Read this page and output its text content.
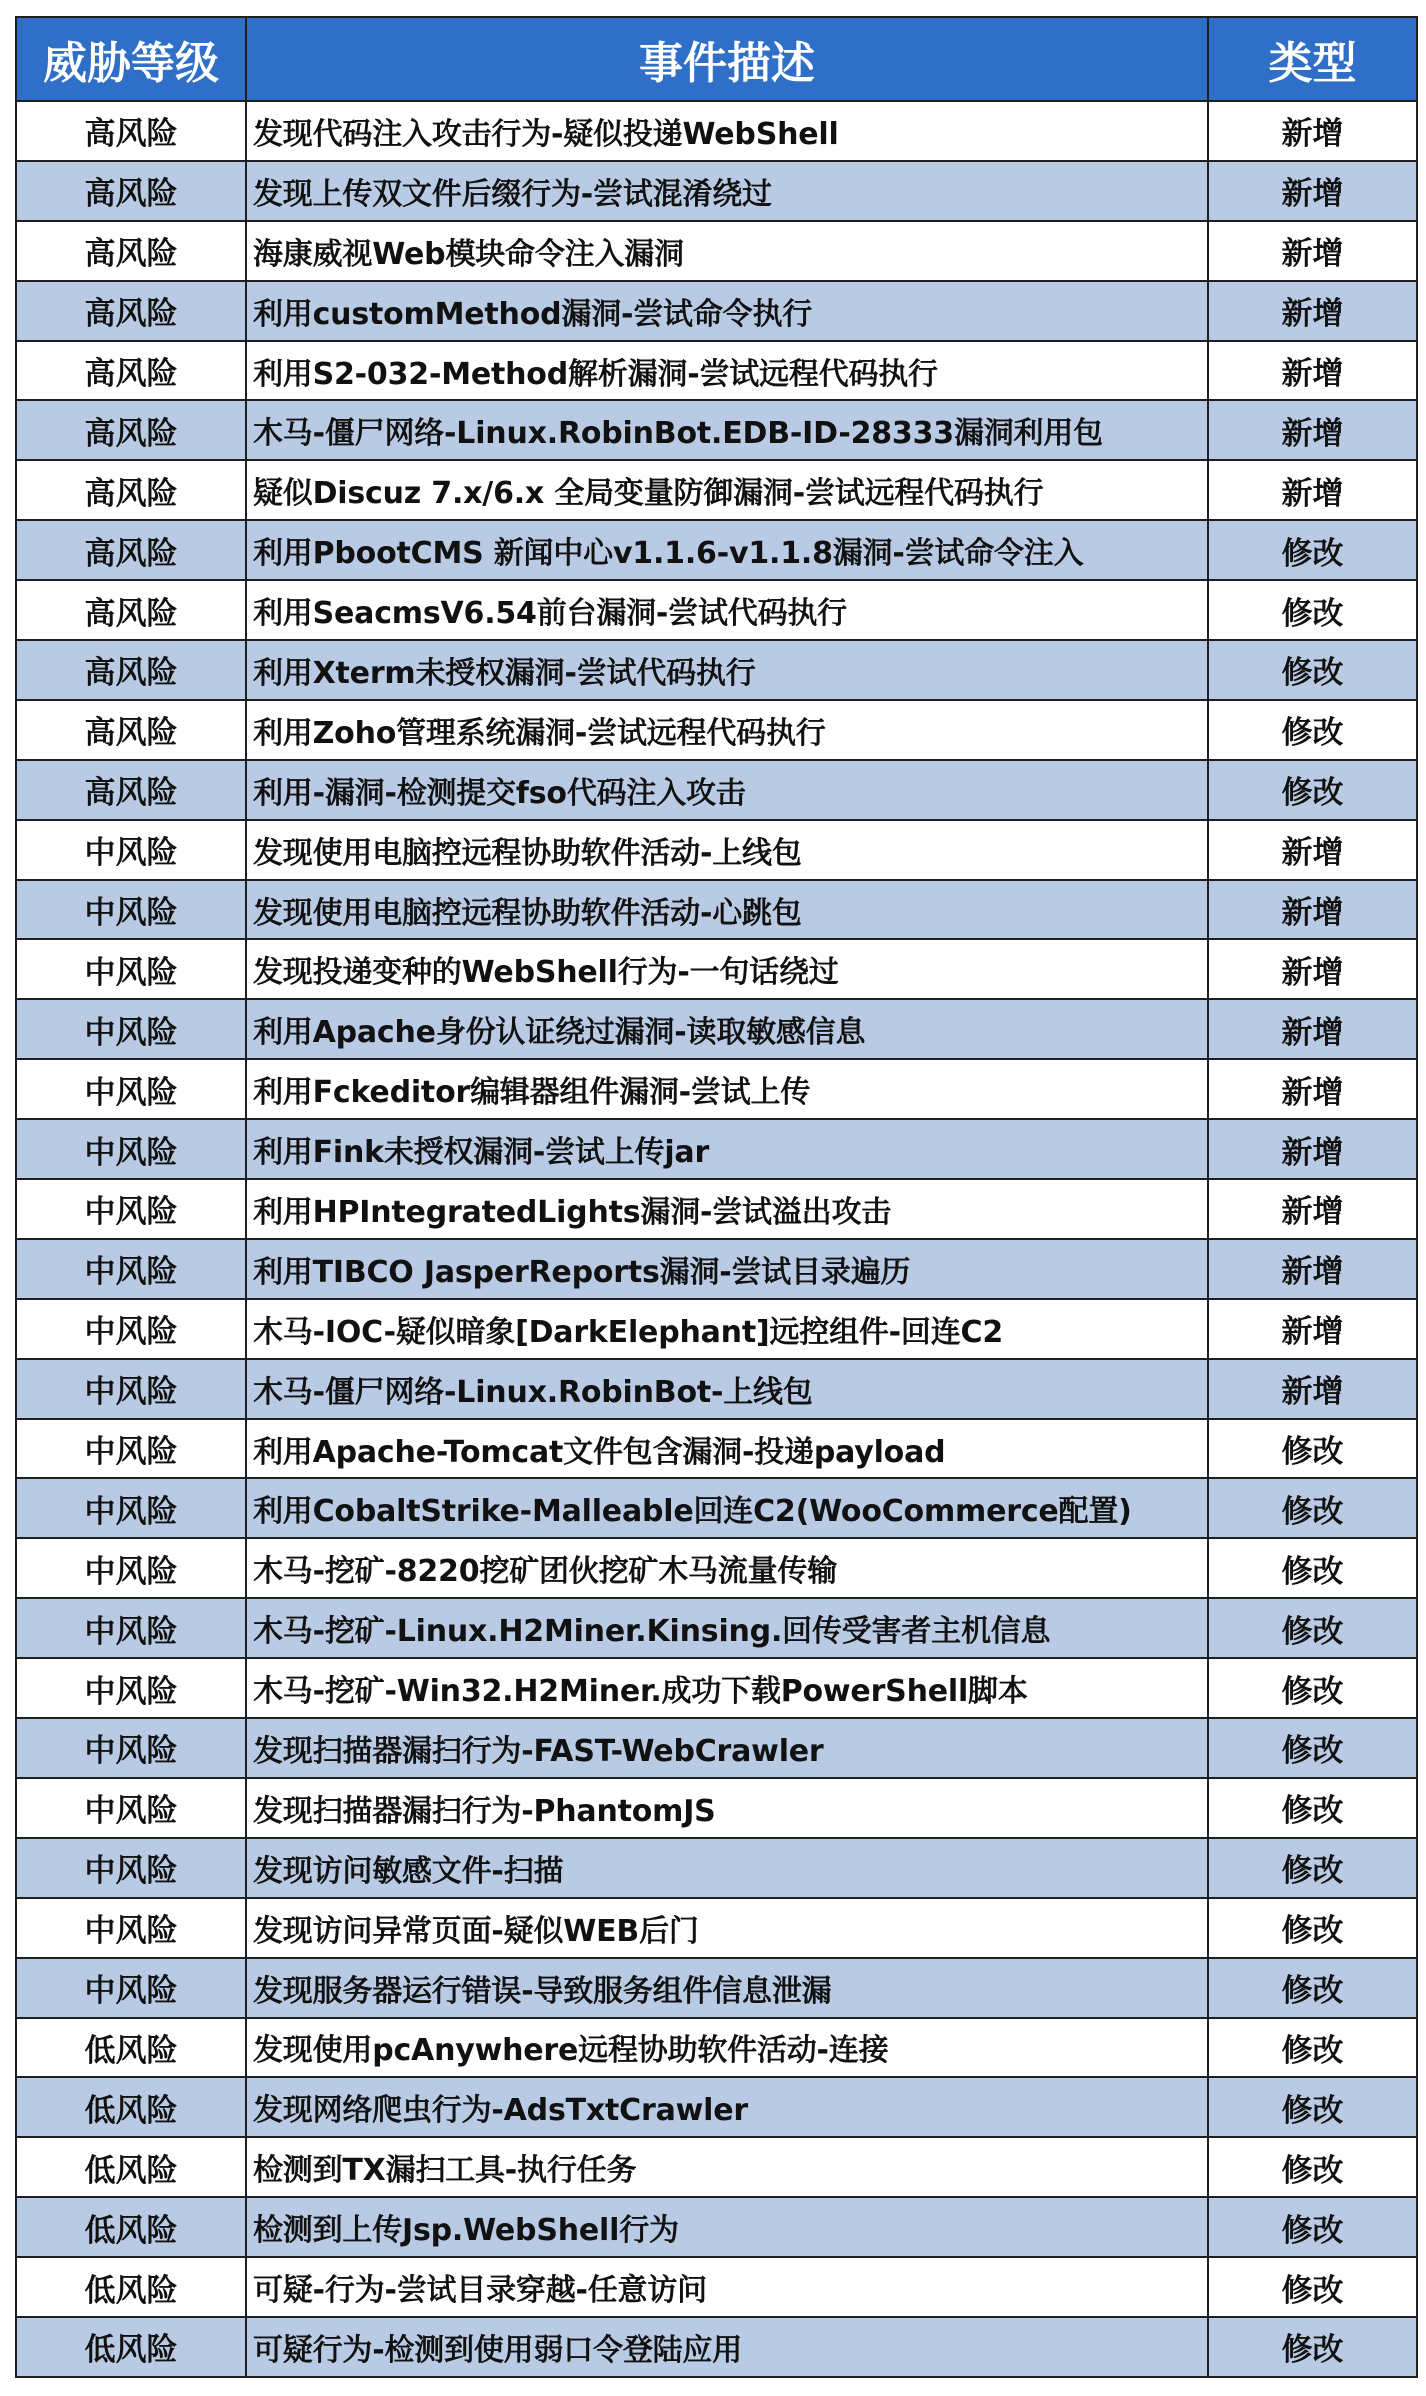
威胁等级	事件描述	类型
高风险	发现代码注入攻击行为-疑似投递WebShell	新增
高风险	发现上传双文件后缀行为-尝试混淆绕过	新增
高风险	海康威视Web模块命令注入漏洞	新增
高风险	利用customMethod漏洞-尝试命令执行	新增
高风险	利用S2-032-Method解析漏洞-尝试远程代码执行	新增
高风险	木马-僵尸网络-Linux.RobinBot.EDB-ID-28333漏洞利用包	新增
高风险	疑似Discuz 7.x/6.x 全局变量防御漏洞-尝试远程代码执行	新增
高风险	利用PbootCMS 新闻中心v1.1.6-v1.1.8漏洞-尝试命令注入	修改
高风险	利用SeacmsV6.54前台漏洞-尝试代码执行	修改
高风险	利用Xterm未授权漏洞-尝试代码执行	修改
高风险	利用Zoho管理系统漏洞-尝试远程代码执行	修改
高风险	利用-漏洞-检测提交fso代码注入攻击	修改
中风险	发现使用电脑控远程协助软件活动-上线包	新增
中风险	发现使用电脑控远程协助软件活动-心跳包	新增
中风险	发现投递变种的WebShell行为-一句话绕过	新增
中风险	利用Apache身份认证绕过漏洞-读取敏感信息	新增
中风险	利用Fckeditor编辑器组件漏洞-尝试上传	新增
中风险	利用Fink未授权漏洞-尝试上传jar	新增
中风险	利用HPIntegratedLights漏洞-尝试溢出攻击	新增
中风险	利用TIBCO JasperReports漏洞-尝试目录遍历	新增
中风险	木马-IOC-疑似暗象[DarkElephant]远控组件-回连C2	新增
中风险	木马-僵尸网络-Linux.RobinBot-上线包	新增
中风险	利用Apache-Tomcat文件包含漏洞-投递payload	修改
中风险	利用CobaltStrike-Malleable回连C2(WooCommerce配置)	修改
中风险	木马-挖矿-8220挖矿团伙挖矿木马流量传输	修改
中风险	木马-挖矿-Linux.H2Miner.Kinsing.回传受害者主机信息	修改
中风险	木马-挖矿-Win32.H2Miner.成功下载PowerShell脚本	修改
中风险	发现扫描器漏扫行为-FAST-WebCrawler	修改
中风险	发现扫描器漏扫行为-PhantomJS	修改
中风险	发现访问敏感文件-扫描	修改
中风险	发现访问异常页面-疑似WEB后门	修改
中风险	发现服务器运行错误-导致服务组件信息泄漏	修改
低风险	发现使用pcAnywhere远程协助软件活动-连接	修改
低风险	发现网络爬虫行为-AdsTxtCrawler	修改
低风险	检测到TX漏扫工具-执行任务	修改
低风险	检测到上传Jsp.WebShell行为	修改
低风险	可疑-行为-尝试目录穿越-任意访问	修改
低风险	可疑行为-检测到使用弱口令登陆应用	修改
